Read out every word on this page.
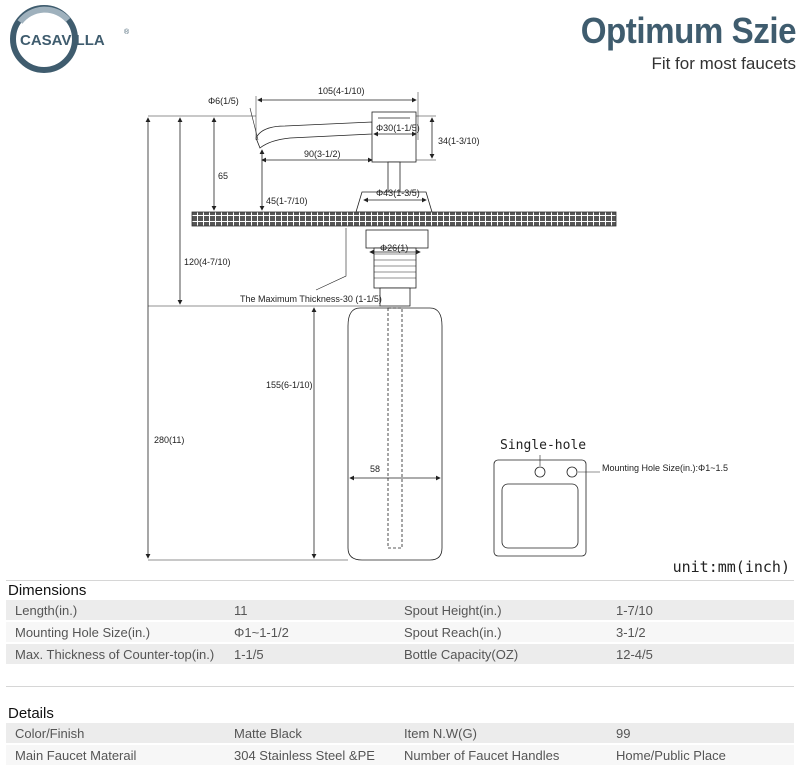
CASAVILLA	®	Optimum Szie
Fit for most faucets
Φ6(1/5)
105(4-1/10)
Φ30(1-1/5)
34(1-3/10)
90(3-1/2)
65
Φ43(1-3/5)
45(1-7/10)
Φ26(1)
120(4-7/10)
The Maximum Thickness-30 (1-1/5)
155(6-1/10)
280(11)
58
Single-hole
Mounting Hole Size(in.):Φ1~1.5
unit:mm(inch)
Dimensions
Length(in.)	11	Spout Height(in.)	1-7/10
Mounting Hole Size(in.)	Φ1~1-1/2	Spout Reach(in.)	3-1/2
Max. Thickness of Counter-top(in.)	1-1/5	Bottle Capacity(OZ)	12-4/5
Details
Color/Finish	Matte Black	Item N.W(G)	99
Main Faucet Materail	304 Stainless Steel &PE	Number of Faucet Handles	Home/Public Place
